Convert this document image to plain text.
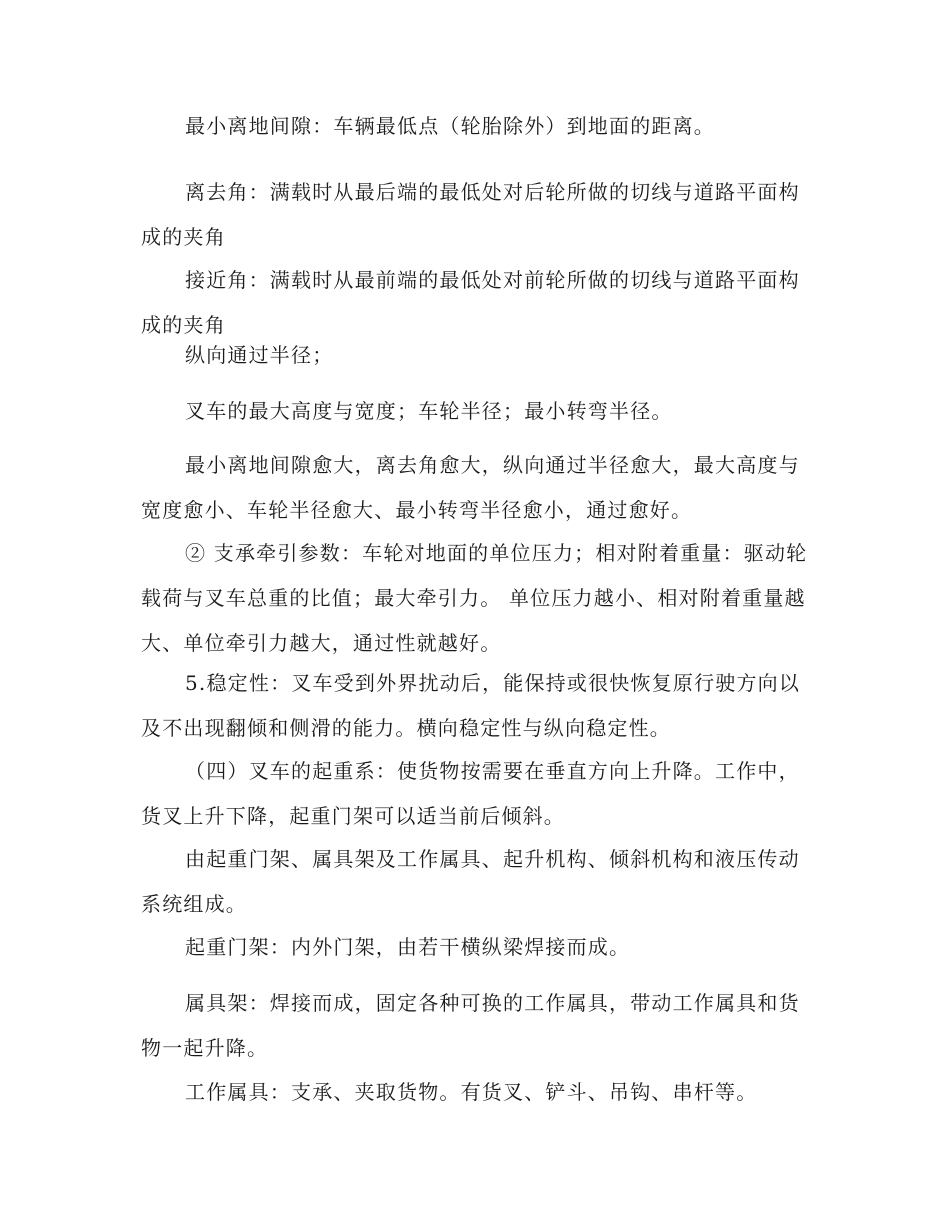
最小离地间隙：车辆最低点（轮胎除外）到地面的距离。

离去角：满载时从最后端的最低处对后轮所做的切线与道路平面构成的夹角

接近角：满载时从最前端的最低处对前轮所做的切线与道路平面构成的夹角

纵向通过半径；

叉车的最大高度与宽度；车轮半径；最小转弯半径。

最小离地间隙愈大，离去角愈大，纵向通过半径愈大，最大高度与宽度愈小、车轮半径愈大、最小转弯半径愈小，通过愈好。

② 支承牵引参数：车轮对地面的单位压力；相对附着重量：驱动轮载荷与叉车总重的比值；最大牵引力。 单位压力越小、相对附着重量越大、单位牵引力越大，通过性就越好。

5.稳定性：叉车受到外界扰动后，能保持或很快恢复原行驶方向以及不出现翻倾和侧滑的能力。横向稳定性与纵向稳定性。

（四）叉车的起重系：使货物按需要在垂直方向上升降。工作中，货叉上升下降，起重门架可以适当前后倾斜。

由起重门架、属具架及工作属具、起升机构、倾斜机构和液压传动系统组成。

起重门架：内外门架，由若干横纵梁焊接而成。

属具架：焊接而成，固定各种可换的工作属具，带动工作属具和货物一起升降。

工作属具：支承、夹取货物。有货叉、铲斗、吊钩、串杆等。
